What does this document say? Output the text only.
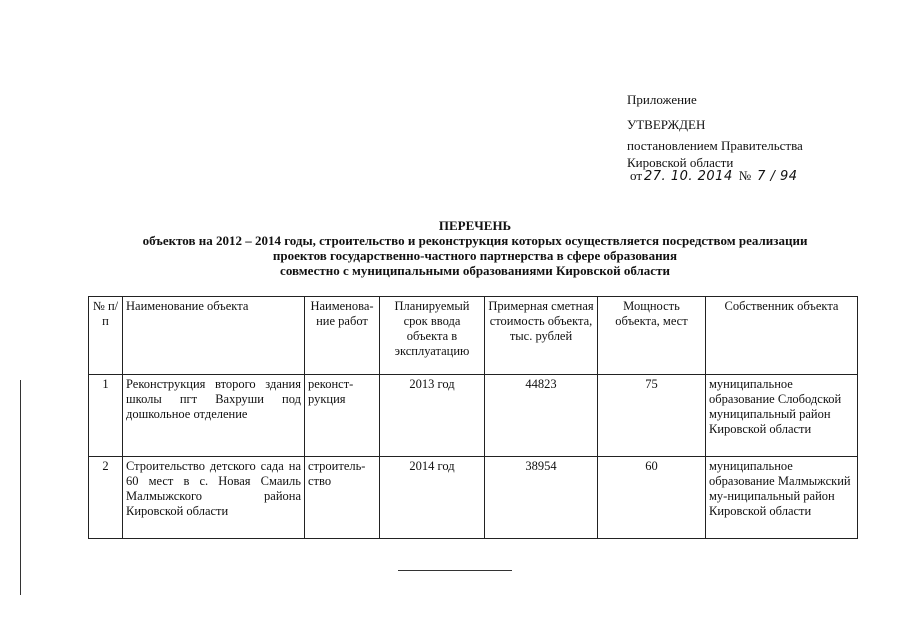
Приложение
УТВЕРЖДЕН
постановлением Правительства
Кировской области
от 27. 10. 2014 № 7 / 94
ПЕРЕЧЕНЬ
объектов на 2012 – 2014 годы, строительство и реконструкция которых осуществляется посредством реализации
проектов государственно-частного партнерства в сфере образования
совместно с муниципальными образованиями Кировской области
№ п/п	Наименование объекта	Наименова-ние работ	Планируемый срок ввода объекта в эксплуатацию	Примерная сметная стоимость объекта, тыс. рублей	Мощность объекта, мест	Собственник объекта
1	Реконструкция второго здания школы пгт Вахруши под дошкольное отделение	реконст-рукция	2013 год	44823	75	муниципальное образование Слободской муниципальный район Кировской области
2	Строительство детского сада на 60 мест в с. Новая Смаиль Малмыжского района Кировской области	строитель-ство	2014 год	38954	60	муниципальное образование Малмыжский му-ниципальный район Кировской области
